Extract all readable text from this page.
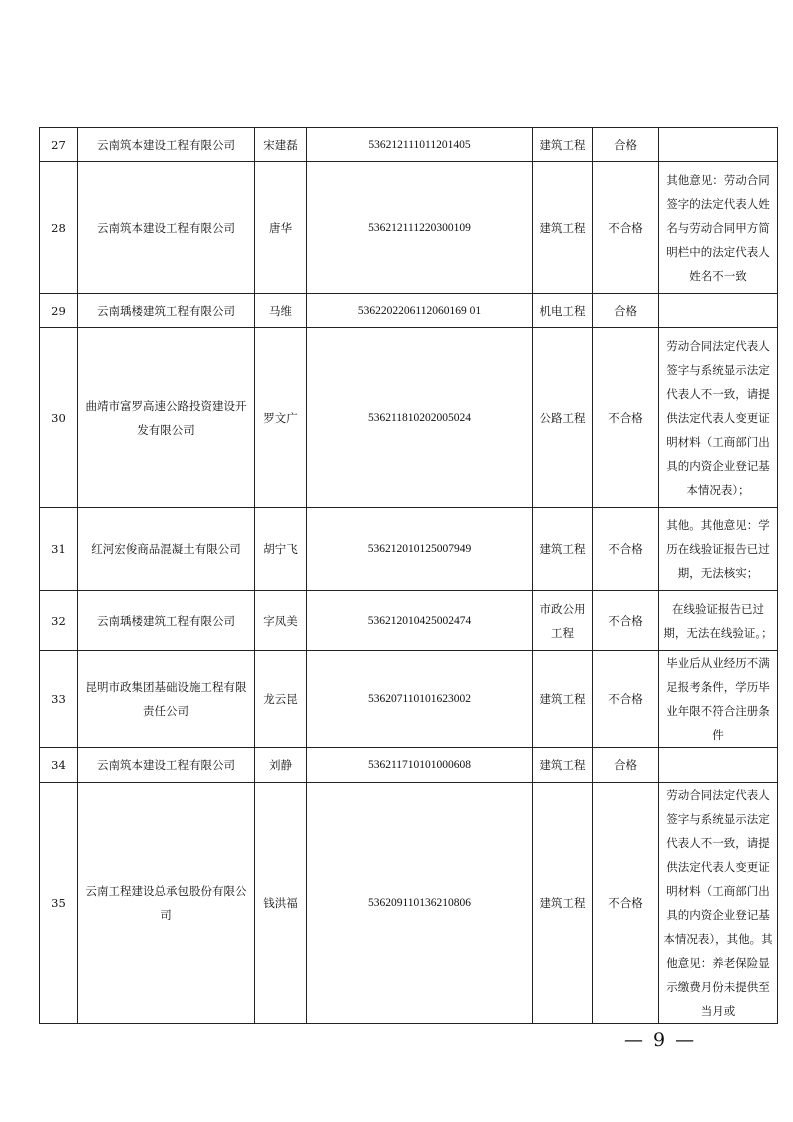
27	云南筑本建设工程有限公司	宋建磊	536212111011201405	建筑工程	合格	
28	云南筑本建设工程有限公司	唐华	536212111220300109	建筑工程	不合格	其他意见：劳动合同签字的法定代表人姓名与劳动合同甲方简明栏中的法定代表人姓名不一致
29	云南瑀楼建筑工程有限公司	马维	5362202206112060169 01	机电工程	合格	
30	曲靖市富罗高速公路投资建设开发有限公司	罗文广	536211810202005024	公路工程	不合格	劳动合同法定代表人签字与系统显示法定代表人不一致，请提供法定代表人变更证明材料（工商部门出具的内资企业登记基本情况表）；
31	红河宏俊商品混凝土有限公司	胡宁飞	536212010125007949	建筑工程	不合格	其他。其他意见：学历在线验证报告已过期，无法核实；
32	云南瑀楼建筑工程有限公司	字凤美	536212010425002474	市政公用工程	不合格	在线验证报告已过期，无法在线验证。；
33	昆明市政集团基础设施工程有限责任公司	龙云昆	536207110101623002	建筑工程	不合格	毕业后从业经历不满足报考条件，学历毕业年限不符合注册条件
34	云南筑本建设工程有限公司	刘静	536211710101000608	建筑工程	合格	
35	云南工程建设总承包股份有限公司	钱洪福	536209110136210806	建筑工程	不合格	劳动合同法定代表人签字与系统显示法定代表人不一致，请提供法定代表人变更证明材料（工商部门出具的内资企业登记基本情况表），其他。其他意见：养老保险显示缴费月份未提供至当月或
— 9 —
